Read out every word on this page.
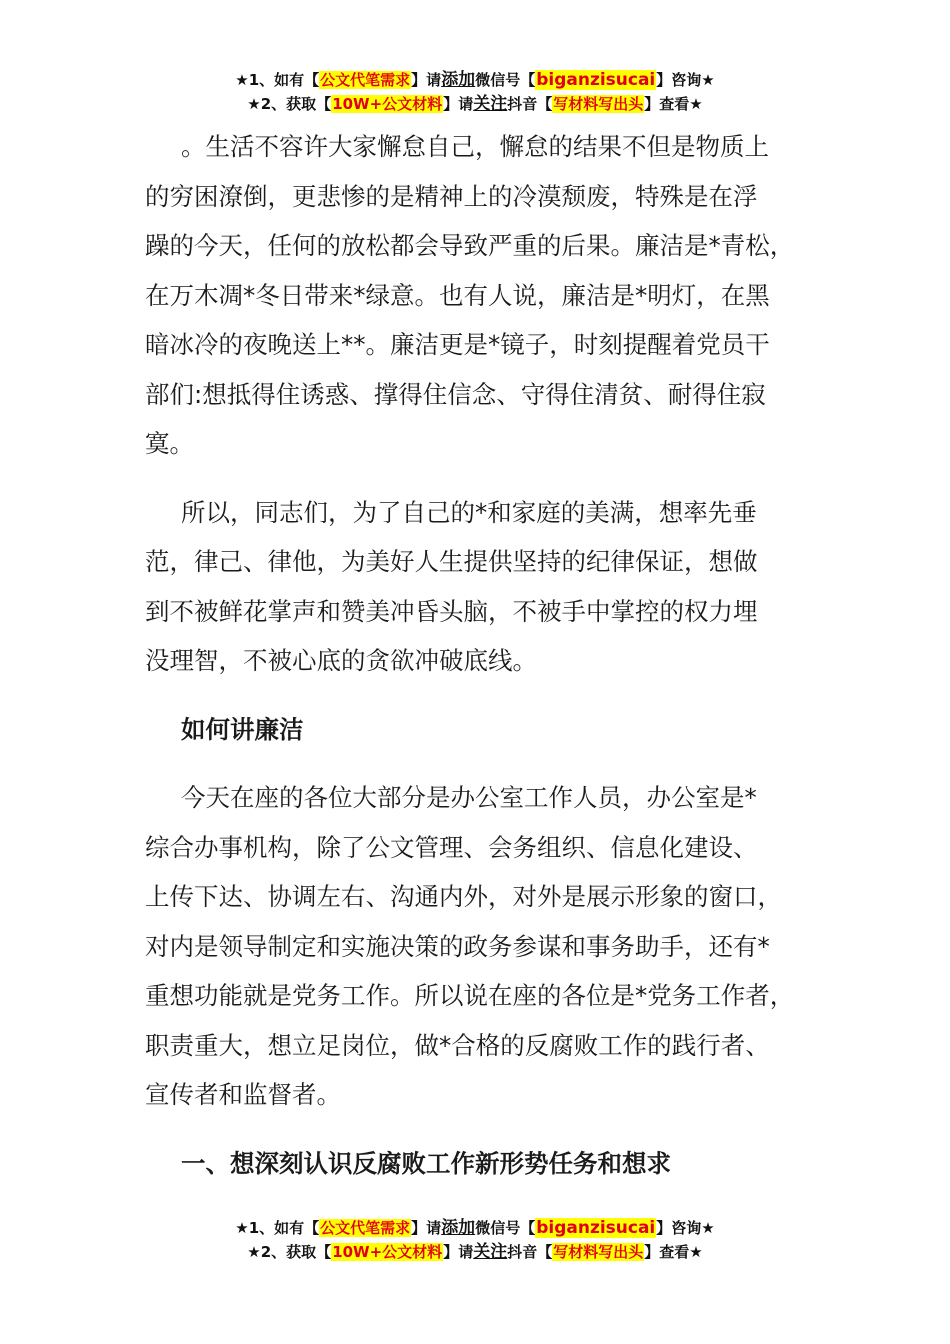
★1、如有【公文代笔需求】请添加微信号【biganzisucai】咨询★
★2、获取【10W+公文材料】请关注抖音【写材料写出头】查看★

。生活不容许大家懈怠自己，懈怠的结果不但是物质上
的穷困潦倒，更悲惨的是精神上的冷漠颓废，特殊是在浮
躁的今天，任何的放松都会导致严重的后果。廉洁是*青松，
在万木凋*冬日带来*绿意。也有人说，廉洁是*明灯，在黑
暗冰冷的夜晚送上**。廉洁更是*镜子，时刻提醒着党员干
部们:想抵得住诱惑、撑得住信念、守得住清贫、耐得住寂
寞。

所以，同志们，为了自己的*和家庭的美满，想率先垂
范，律己、律他，为美好人生提供坚持的纪律保证，想做
到不被鲜花掌声和赞美冲昏头脑，不被手中掌控的权力埋
没理智，不被心底的贪欲冲破底线。

如何讲廉洁

今天在座的各位大部分是办公室工作人员，办公室是*
综合办事机构，除了公文管理、会务组织、信息化建设、
上传下达、协调左右、沟通内外，对外是展示形象的窗口，
对内是领导制定和实施决策的政务参谋和事务助手，还有*
重想功能就是党务工作。所以说在座的各位是*党务工作者，
职责重大，想立足岗位，做*合格的反腐败工作的践行者、
宣传者和监督者。

一、想深刻认识反腐败工作新形势任务和想求

★1、如有【公文代笔需求】请添加微信号【biganzisucai】咨询★
★2、获取【10W+公文材料】请关注抖音【写材料写出头】查看★
